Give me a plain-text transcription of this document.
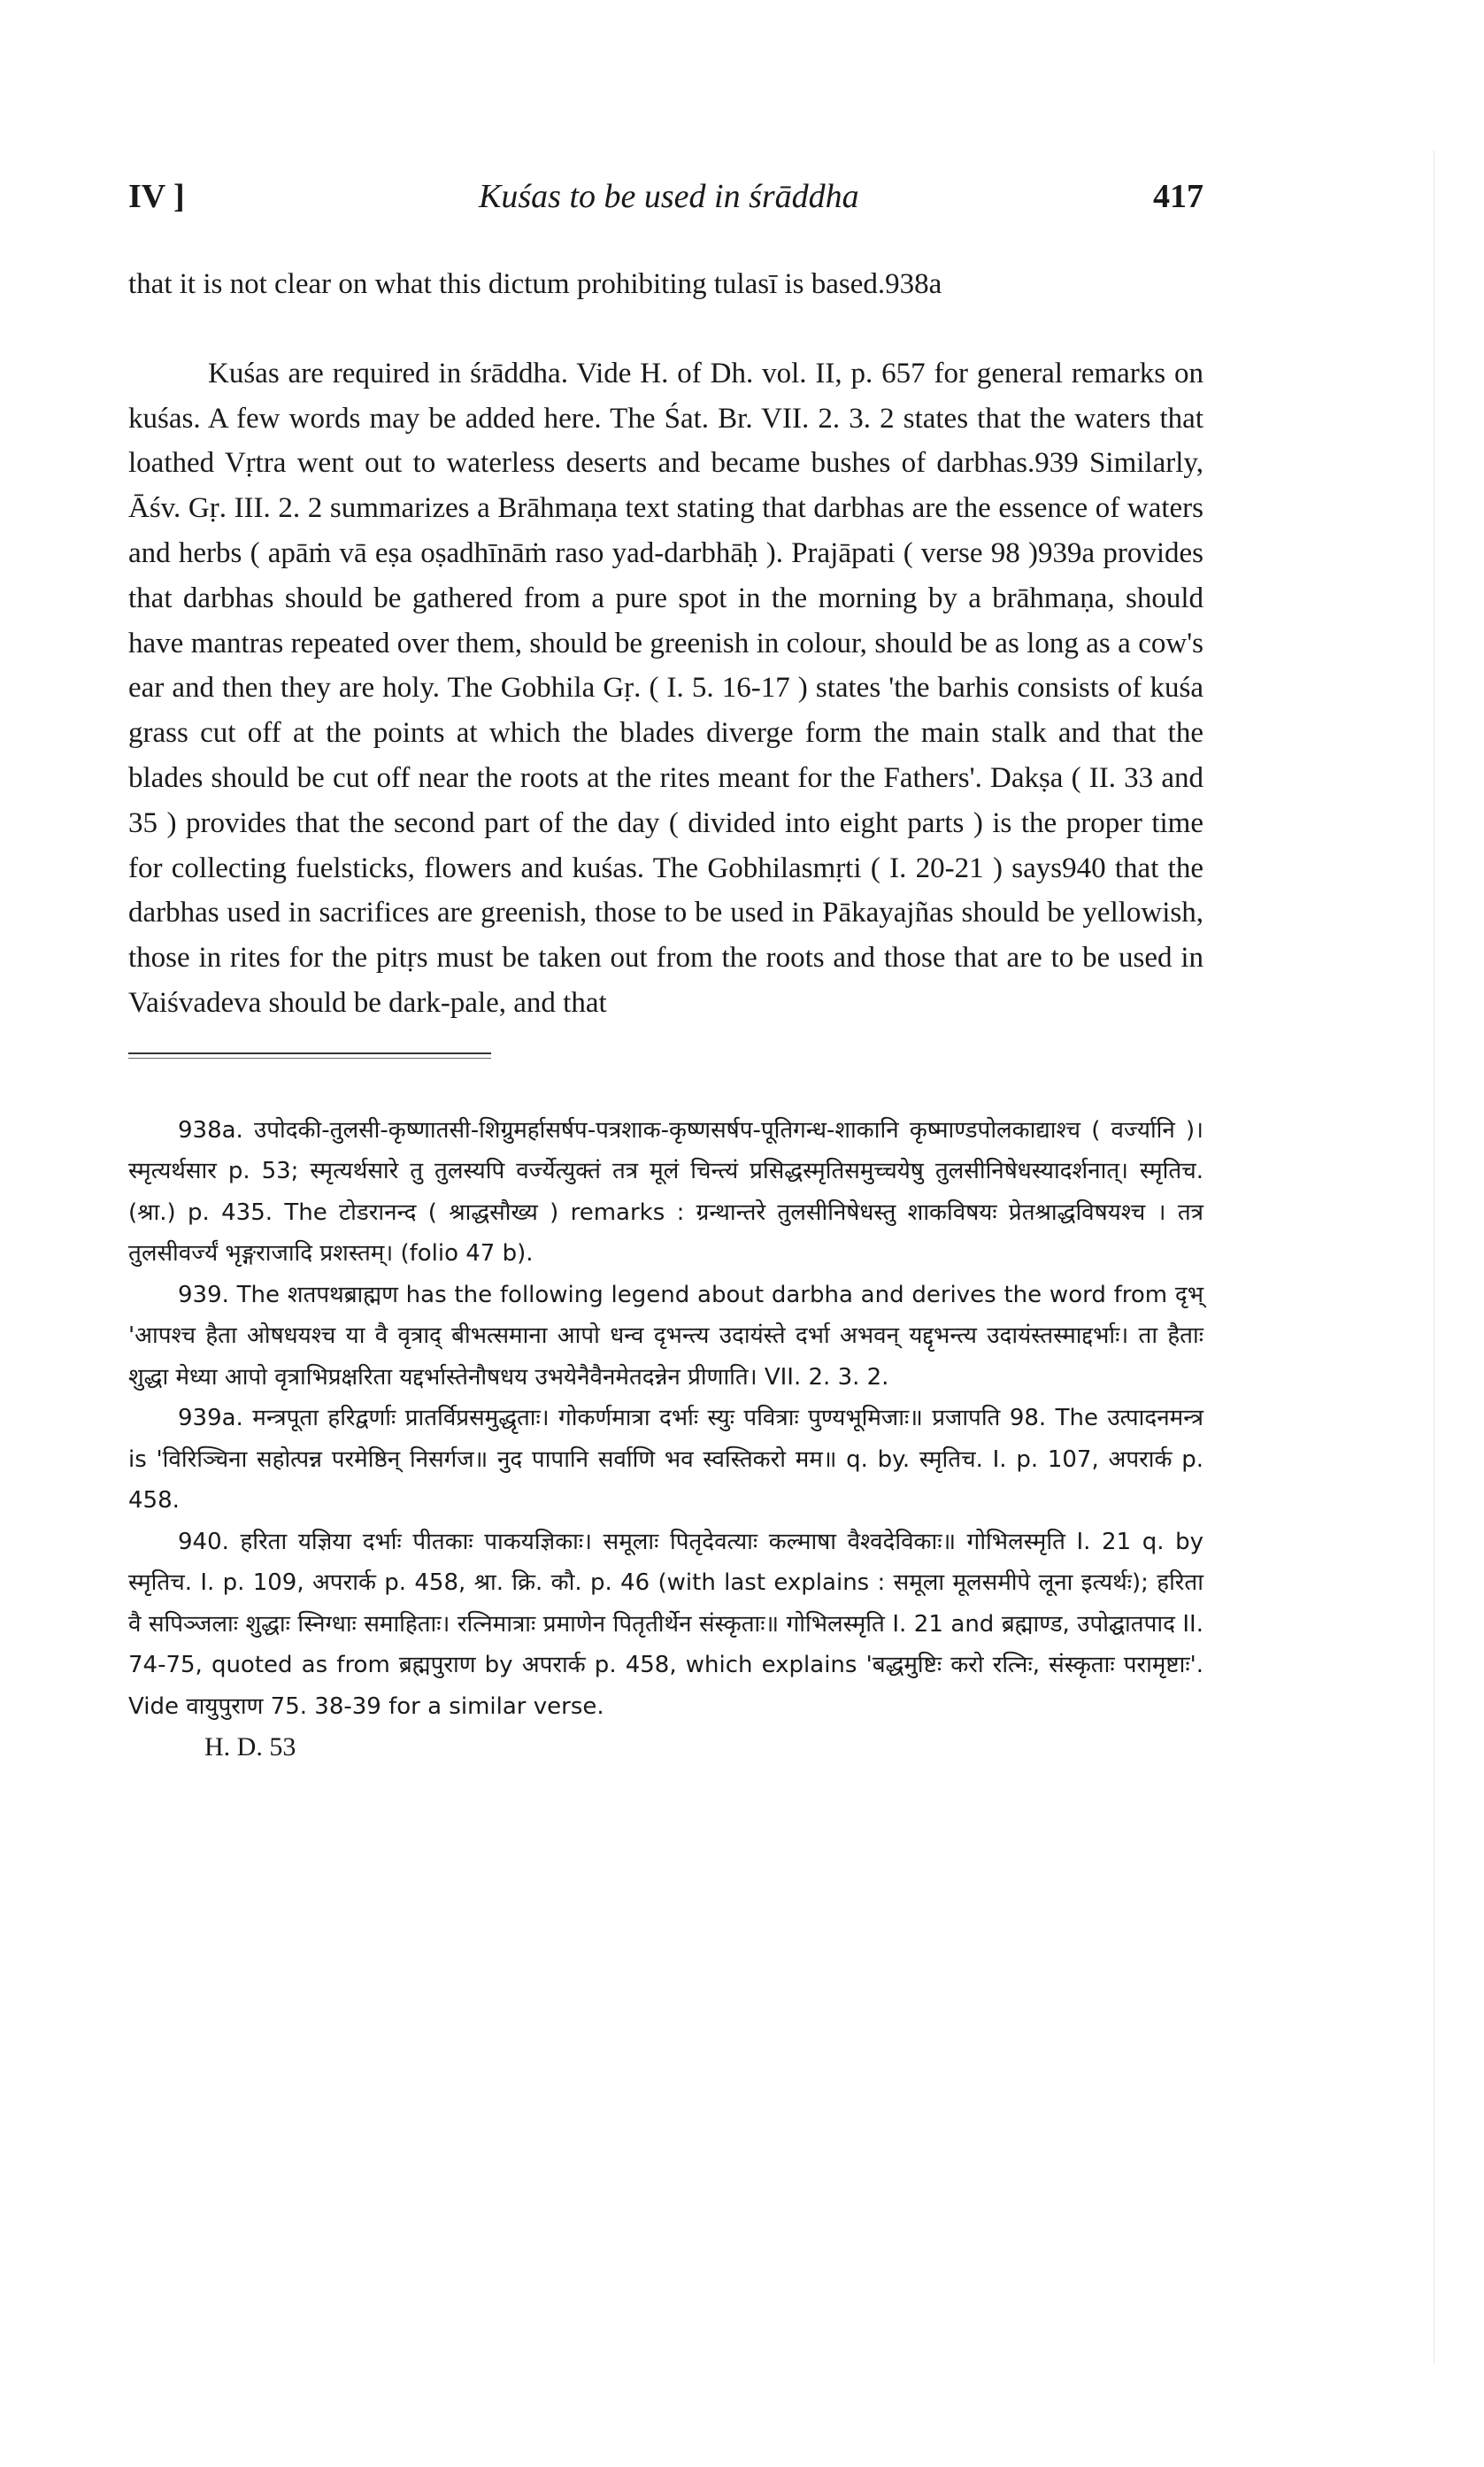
IV ]	Kuśas to be used in śrāddha	417

that it is not clear on what this dictum prohibiting tulasī is based.938a

Kuśas are required in śrāddha. Vide H. of Dh. vol. II, p. 657 for general remarks on kuśas. A few words may be added here. The Śat. Br. VII. 2. 3. 2 states that the waters that loathed Vṛtra went out to waterless deserts and became bushes of darbhas.939 Similarly, Āśv. Gṛ. III. 2. 2 summarizes a Brāhmaṇa text stating that darbhas are the essence of waters and herbs ( apāṁ vā eṣa oṣadhīnāṁ raso yad-darbhāḥ ). Prajāpati ( verse 98 )939a provides that darbhas should be gathered from a pure spot in the morning by a brāhmaṇa, should have mantras repeated over them, should be greenish in colour, should be as long as a cow's ear and then they are holy. The Gobhila Gṛ. ( I. 5. 16-17 ) states 'the barhis consists of kuśa grass cut off at the points at which the blades diverge form the main stalk and that the blades should be cut off near the roots at the rites meant for the Fathers'. Dakṣa ( II. 33 and 35 ) provides that the second part of the day ( divided into eight parts ) is the proper time for collecting fuelsticks, flowers and kuśas. The Gobhilasmṛti ( I. 20-21 ) says940 that the darbhas used in sacrifices are greenish, those to be used in Pākayajñas should be yellowish, those in rites for the pitṛs must be taken out from the roots and those that are to be used in Vaiśvadeva should be dark-pale, and that

938a. उपोदकी-तुलसी-कृष्णातसी-शिग्रुमर्हासर्षप-पत्रशाक-कृष्णसर्षप-पूतिगन्ध-शाकानि कृष्माण्डपोलकाद्याश्च ( वर्ज्यानि )। स्मृत्यर्थसार p. 53; स्मृत्यर्थसारे तु तुलस्यपि वर्ज्येत्युक्तं तत्र मूलं चिन्त्यं प्रसिद्धस्मृतिसमुच्चयेषु तुलसीनिषेधस्यादर्शनात्। स्मृतिच. (श्रा.) p. 435. The टोडरानन्द ( श्राद्धसौख्य ) remarks : ग्रन्थान्तरे तुलसीनिषेधस्तु शाकविषयः प्रेतश्राद्धविषयश्च । तत्र तुलसीवर्ज्यं भृङ्गराजादि प्रशस्तम्। (folio 47 b).

939. The शतपथब्राह्मण has the following legend about darbha and derives the word from दृभ् 'आपश्च हैता ओषधयश्च या वै वृत्राद् बीभत्समाना आपो धन्व दृभन्त्य उदायंस्ते दर्भा अभवन् यद्दृभन्त्य उदायंस्तस्माद्दर्भाः। ता हैताः शुद्धा मेध्या आपो वृत्राभिप्रक्षरिता यद्दर्भास्तेनौषधय उभयेनैवैनमेतदन्नेन प्रीणाति। VII. 2. 3. 2.

939a. मन्त्रपूता हरिद्वर्णाः प्रातर्विप्रसमुद्धृताः। गोकर्णमात्रा दर्भाः स्युः पवित्राः पुण्यभूमिजाः॥ प्रजापति 98. The उत्पादनमन्त्र is 'विरिञ्चिना सहोत्पन्न परमेष्ठिन् निसर्गज॥ नुद पापानि सर्वाणि भव स्वस्तिकरो मम॥ q. by. स्मृतिच. I. p. 107, अपरार्क p. 458.

940. हरिता यज्ञिया दर्भाः पीतकाः पाकयज्ञिकाः। समूलाः पितृदेवत्याः कल्माषा वैश्वदेविकाः॥ गोभिलस्मृति I. 21 q. by स्मृतिच. I. p. 109, अपरार्क p. 458, श्रा. क्रि. कौ. p. 46 (with last explains : समूला मूलसमीपे लूना इत्यर्थः); हरिता वै सपिञ्जलाः शुद्धाः स्निग्धाः समाहिताः। रत्निमात्राः प्रमाणेन पितृतीर्थेन संस्कृताः॥ गोभिलस्मृति I. 21 and ब्रह्माण्ड, उपोद्घातपाद II. 74-75, quoted as from ब्रह्मपुराण by अपरार्क p. 458, which explains 'बद्धमुष्टिः करो रत्निः, संस्कृताः परामृष्टाः'. Vide वायुपुराण 75. 38-39 for a similar verse.

H. D. 53
